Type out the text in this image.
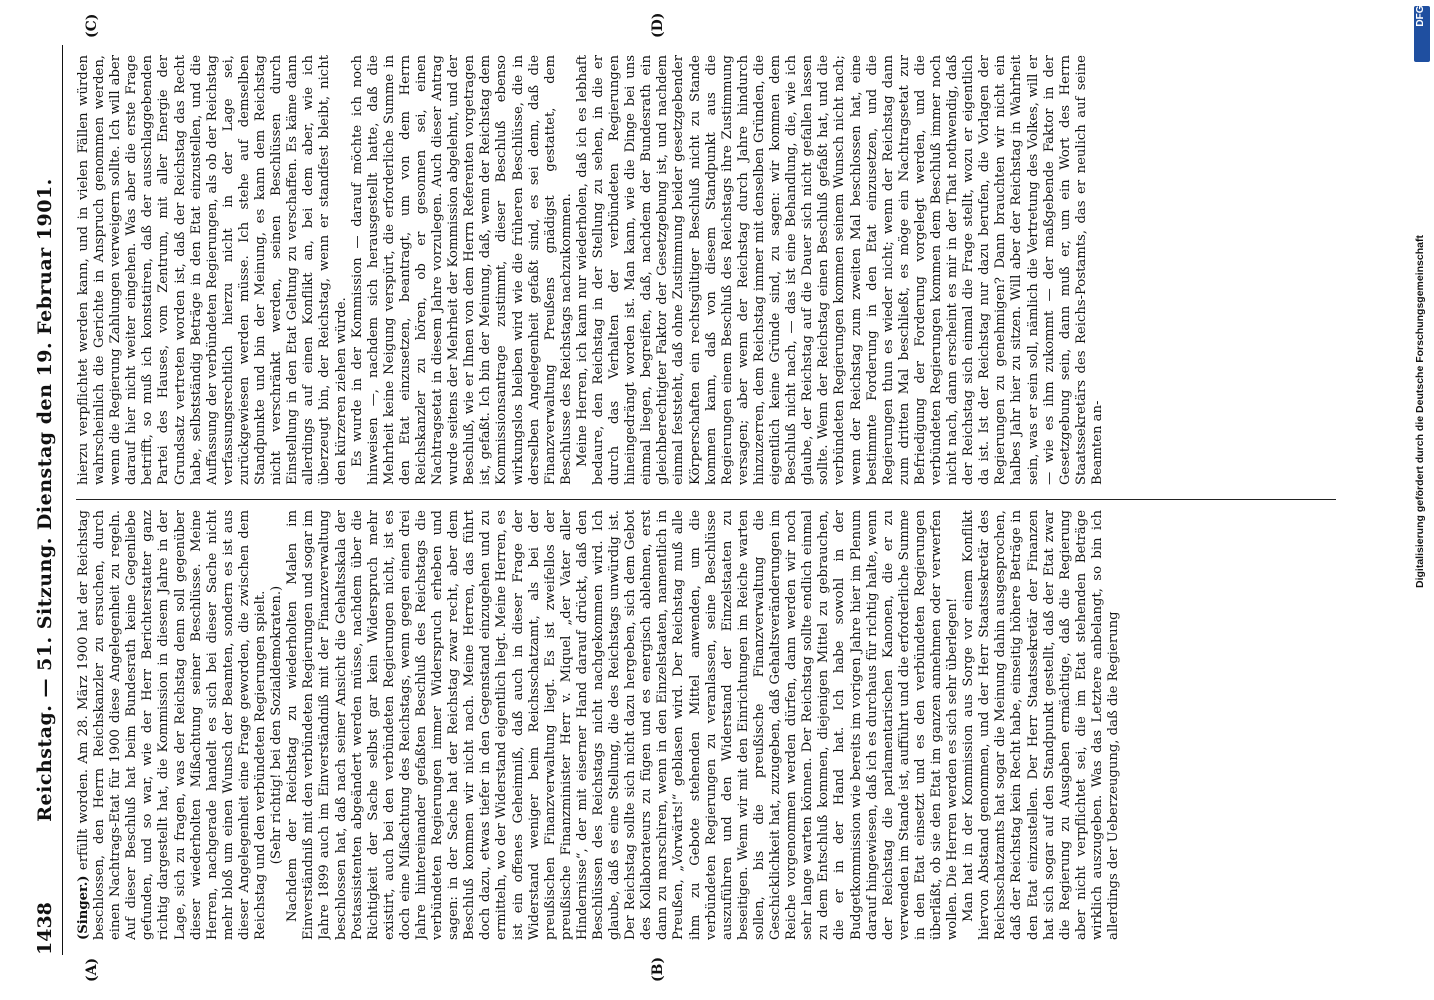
1438
Reichstag. — 51. Sitzung. Dienstag den 19. Februar 1901.
(A)	(B)
(C)	(D)

(Singer.) erfüllt worden. Am 28. März 1900 hat der Reichstag beschlossen, den Herrn Reichskanzler zu ersuchen, durch einen Nachtrags-Etat für 1900 diese Angelegenheit zu regeln. Auf dieser Beschluß hat beim Bundesrath keine Gegenliebe gefunden, und so war, wie der Herr Berichterstatter ganz richtig dargestellt hat, die Kommission in diesem Jahre in der Lage, sich zu fragen, was der Reichstag denn soll gegenüber dieser wiederholten Mißachtung seiner Beschlüsse. Meine Herren, nachgerade handelt es sich bei dieser Sache nicht mehr bloß um einen Wunsch der Beamten, sondern es ist aus dieser Angelegenheit eine Frage geworden, die zwischen dem Reichstag und den verbündeten Regierungen spielt. (Sehr richtig! bei den Sozialdemokraten.) Nachdem der Reichstag zu wiederholten Malen im Einverständniß mit den verbündeten Regierungen und sogar im Jahre 1899 auch im Einverständniß mit der Finanzverwaltung beschlossen hat, daß nach seiner Ansicht die Gehaltsskala der Postassistenten abgeändert werden müsse, nachdem über die Richtigkeit der Sache selbst gar kein Widerspruch mehr existirt, auch bei den verbündeten Regierungen nicht, ist es doch eine Mißachtung des Reichstags, wenn gegen einen drei Jahre hintereinander gefaßten Beschluß des Reichstags die verbündeten Regierungen immer Widerspruch erheben und sagen: in der Sache hat der Reichstag zwar recht, aber dem Beschluß kommen wir nicht nach. Meine Herren, das führt doch dazu, etwas tiefer in den Gegenstand einzugehen und zu ermitteln, wo der Widerstand eigentlich liegt. Meine Herren, es ist ein offenes Geheimniß, daß auch in dieser Frage der Widerstand weniger beim Reichsschatzamt, als bei der preußischen Finanzverwaltung liegt. Es ist zweifellos der preußische Finanzminister Herr v. Miquel „der Vater aller Hindernisse“, der mit eiserner Hand darauf drückt, daß den Beschlüssen des Reichstags nicht nachgekommen wird. Ich glaube, daß es eine Stellung, die des Reichstags unwürdig ist. Der Reichstag sollte sich nicht dazu hergeben, sich dem Gebot des Kollaborateurs zu fügen und es energisch ablehnen, erst dann zu marschiren, wenn in den Einzelstaaten, namentlich in Preußen, „Vorwärts!“ geblasen wird. Der Reichstag muß alle ihm zu Gebote stehenden Mittel anwenden, um die verbündeten Regierungen zu veranlassen, seine Beschlüsse auszuführen und den Widerstand der Einzelstaaten zu beseitigen. Wenn wir mit den Einrichtungen im Reiche warten sollen, bis die preußische Finanzverwaltung die Geschicklichkeit hat, zuzugeben, daß Gehaltsveränderungen im Reiche vorgenommen werden dürfen, dann werden wir noch sehr lange warten können. Der Reichstag sollte endlich einmal zu dem Entschluß kommen, diejenigen Mittel zu gebrauchen, die er in der Hand hat. Ich habe sowohl in der Budgetkommission wie bereits im vorigen Jahre hier im Plenum darauf hingewiesen, daß ich es durchaus für richtig halte, wenn der Reichstag die parlamentarischen Kanonen, die er zu verwenden im Stande ist, aufführt und die erforderliche Summe in den Etat einsetzt und es den verbündeten Regierungen überläßt, ob sie den Etat im ganzen annehmen oder verwerfen wollen. Die Herren werden es sich sehr überlegen! Man hat in der Kommission aus Sorge vor einem Konflikt hiervon Abstand genommen, und der Herr Staatssekretär des Reichsschatzamts hat sogar die Meinung dahin ausgesprochen, daß der Reichstag kein Recht habe, einseitig höhere Beträge in den Etat einzustellen. Der Herr Staatssekretär der Finanzen hat sich sogar auf den Standpunkt gestellt, daß der Etat zwar die Regierung zu Ausgaben ermächtige, daß die Regierung aber nicht verpflichtet sei, die im Etat stehenden Beträge wirklich auszugeben. Was das Letztere anbelangt, so bin ich allerdings der Ueberzeugung, daß die Regierung

hierzu verpflichtet werden kann, und in vielen Fällen würden wahrscheinlich die Gerichte in Anspruch genommen werden, wenn die Regierung Zahlungen verweigern sollte. Ich will aber darauf hier nicht weiter eingehen. Was aber die erste Frage betrifft, so muß ich konstatiren, daß der ausschlaggebenden Partei des Hauses, vom Zentrum, mit aller Energie der Grundsatz vertreten worden ist, daß der Reichstag das Recht habe, selbstständig Beträge in den Etat einzustellen, und die Auffassung der verbündeten Regierungen, als ob der Reichstag verfassungsrechtlich hierzu nicht in der Lage sei, zurückgewiesen werden müsse. Ich stehe auf demselben Standpunkte und bin der Meinung, es kann dem Reichstag nicht verschränkt werden, seinen Beschlüssen durch Einstellung in den Etat Geltung zu verschaffen. Es käme dann allerdings auf einen Konflikt an, bei dem aber, wie ich überzeugt bin, der Reichstag, wenn er standfest bleibt, nicht den kürzeren ziehen würde. Es wurde in der Kommission — darauf möchte ich noch hinweisen —, nachdem sich herausgestellt hatte, daß die Mehrheit keine Neigung verspürt, die erforderliche Summe in den Etat einzusetzen, beantragt, um von dem Herrn Reichskanzler zu hören, ob er gesonnen sei, einen Nachtragsetat in diesem Jahre vorzulegen. Auch dieser Antrag wurde seitens der Mehrheit der Kommission abgelehnt, und der Beschluß, wie er Ihnen von dem Herrn Referenten vorgetragen ist, gefaßt. Ich bin der Meinung, daß, wenn der Reichstag dem Kommissionsantrage zustimmt, dieser Beschluß ebenso wirkungslos bleiben wird wie die früheren Beschlüsse, die in derselben Angelegenheit gefaßt sind, es sei denn, daß die Finanzverwaltung Preußens gnädigst gestattet, dem Beschlusse des Reichstags nachzukommen. Meine Herren, ich kann nur wiederholen, daß ich es lebhaft bedaure, den Reichstag in der Stellung zu sehen, in die er durch das Verhalten der verbündeten Regierungen hineingedrängt worden ist. Man kann, wie die Dinge bei uns einmal liegen, begreifen, daß, nachdem der Bundesrath ein gleichberechtigter Faktor der Gesetzgebung ist, und nachdem einmal feststeht, daß ohne Zustimmung beider gesetzgebender Körperschaften ein rechtsgültiger Beschluß nicht zu Stande kommen kann, daß von diesem Standpunkt aus die Regierungen einem Beschluß des Reichstags ihre Zustimmung versagen; aber wenn der Reichstag durch Jahre hindurch hinzuzerren, dem Reichstag immer mit denselben Gründen, die eigentlich keine Gründe sind, zu sagen: wir kommen dem Beschluß nicht nach, — das ist eine Behandlung, die, wie ich glaube, der Reichstag auf die Dauer sich nicht gefallen lassen sollte. Wenn der Reichstag einen Beschluß gefaßt hat, und die verbündeten Regierungen kommen seinem Wunsch nicht nach; wenn der Reichstag zum zweiten Mal beschlossen hat, eine bestimmte Forderung in den Etat einzusetzen, und die Regierungen thun es wieder nicht; wenn der Reichstag dann zum dritten Mal beschließt, es möge ein Nachtragsetat zur Befriedigung der Forderung vorgelegt werden, und die verbündeten Regierungen kommen dem Beschluß immer noch nicht nach, dann erscheint es mir in der That nothwendig, daß der Reichstag sich einmal die Frage stellt, wozu er eigentlich da ist. Ist der Reichstag nur dazu berufen, die Vorlagen der Regierungen zu genehmigen? Dann brauchten wir nicht ein halbes Jahr hier zu sitzen. Will aber der Reichstag in Wahrheit sein, was er sein soll, nämlich die Vertretung des Volkes, will er — wie es ihm zukommt — der maßgebende Faktor in der Gesetzgebung sein, dann muß er, um ein Wort des Herrn Staatssekretärs des Reichs-Postamts, das er neulich auf seine Beamten an-

DFG
Digitalisierung gefördert durch die Deutsche Forschungsgemeinschaft
